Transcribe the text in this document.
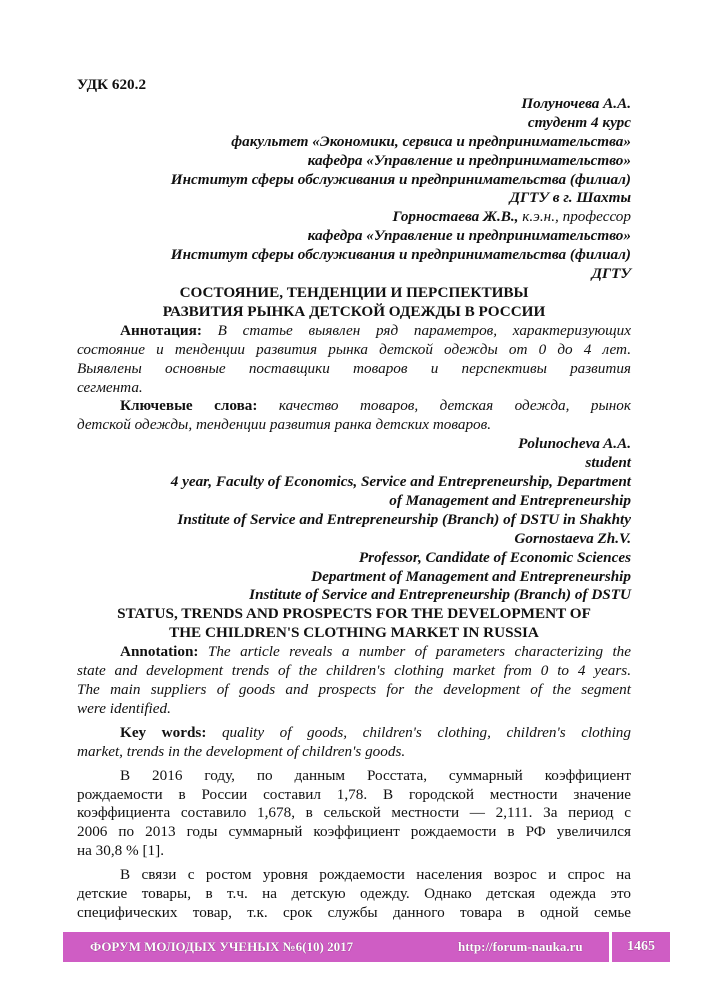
УДК 620.2
Полуночева А.А.
студент 4 курс
факультет «Экономики, сервиса и предпринимательства»
кафедра «Управление и предпринимательство»
Институт сферы обслуживания и предпринимательства (филиал)
ДГТУ в г. Шахты
Горностаева Ж.В., к.э.н., профессор
кафедра «Управление и предпринимательство»
Институт сферы обслуживания и предпринимательства (филиал)
ДГТУ
СОСТОЯНИЕ, ТЕНДЕНЦИИ И ПЕРСПЕКТИВЫ
РАЗВИТИЯ РЫНКА ДЕТСКОЙ ОДЕЖДЫ В РОССИИ
Аннотация: В статье выявлен ряд параметров, характеризующих
состояние и тенденции развития рынка детской одежды от 0 до 4 лет.
Выявлены основные поставщики товаров и перспективы развития
сегмента.
Ключевые слова: качество товаров, детская одежда, рынок
детской одежды, тенденции развития ранка детских товаров.
Polunocheva A.A.
student
4 year, Faculty of Economics, Service and Entrepreneurship, Department
of Management and Entrepreneurship
Institute of Service and Entrepreneurship (Branch) of DSTU in Shakhty
Gornostaeva Zh.V.
Professor, Candidate of Economic Sciences
Department of Management and Entrepreneurship
Institute of Service and Entrepreneurship (Branch) of DSTU
STATUS, TRENDS AND PROSPECTS FOR THE DEVELOPMENT OF
THE CHILDREN'S CLOTHING MARKET IN RUSSIA
Annotation: The article reveals a number of parameters characterizing the
state and development trends of the children's clothing market from 0 to 4 years.
The main suppliers of goods and prospects for the development of the segment
were identified.
Key words: quality of goods, children's clothing, children's clothing
market, trends in the development of children's goods.
В 2016 году, по данным Росстата, суммарный коэффициент
рождаемости в России составил 1,78. В городской местности значение
коэффициента составило 1,678, в сельской местности — 2,111. За период с
2006 по 2013 годы суммарный коэффициент рождаемости в РФ увеличился
на 30,8 % [1].
В связи с ростом уровня рождаемости населения возрос и спрос на
детские товары, в т.ч. на детскую одежду. Однако детская одежда это
специфических товар, т.к. срок службы данного товара в одной семье
ФОРУМ МОЛОДЫХ УЧЕНЫХ №6(10) 2017	http://forum-nauka.ru	1465
